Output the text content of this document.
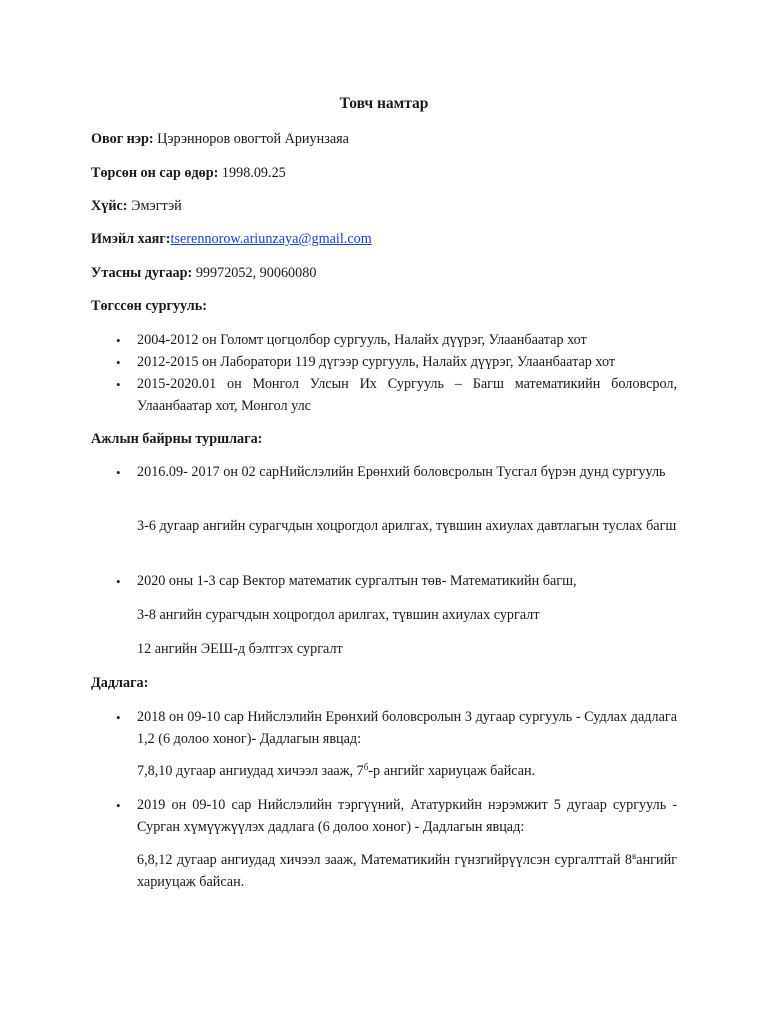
Товч намтар
Овог нэр: Цэрэнноров овогтой Ариунзаяа
Төрсөн он сар өдөр: 1998.09.25
Хүйс: Эмэгтэй
Имэйл хаяг:tserennorow.ariunzaya@gmail.com
Утасны дугаар: 99972052, 90060080
Төгссөн сургууль:
• 2004-2012 он Голомт цогцолбор сургууль, Налайх дүүрэг, Улаанбаатар хот
• 2012-2015 он Лаборатори 119 дүгээр сургууль, Налайх дүүрэг, Улаанбаатар хот
• 2015-2020.01 он Монгол Улсын Их Сургууль – Багш математикийн боловсрол, Улаанбаатар хот, Монгол улс
Ажлын байрны туршлага:
• 2016.09- 2017 он 02 сарНийслэлийн Ерөнхий боловсролын Тусгал бүрэн дунд сургууль
3-6 дугаар ангийн сурагчдын хоцрогдол арилгах, түвшин ахиулах давтлагын туслах багш
• 2020 оны 1-3 сар Вектор математик сургалтын төв- Математикийн багш,
3-8 ангийн сурагчдын хоцрогдол арилгах, түвшин ахиулах сургалт
12 ангийн ЭЕШ-д бэлтгэх сургалт
Дадлага:
• 2018 он 09-10 сар Нийслэлийн Ерөнхий боловсролын 3 дугаар сургууль - Судлах дадлага 1,2 (6 долоо хоног)- Дадлагын явцад:
7,8,10 дугаар ангиудад хичээл зааж, $7^б-р$ ангийг хариуцаж байсан.
• 2019 он 09-10 сар Нийслэлийн тэргүүний, Ататуркийн нэрэмжит 5 дугаар сургууль - Сурган хүмүүжүүлэх дадлага (6 долоо хоног) - Дадлагын явцад:
6,8,12 дугаар ангиудад хичээл зааж, Математикийн гүнзгийрүүлсэн сургалттай $8^вангийг$ хариуцаж байсан.
